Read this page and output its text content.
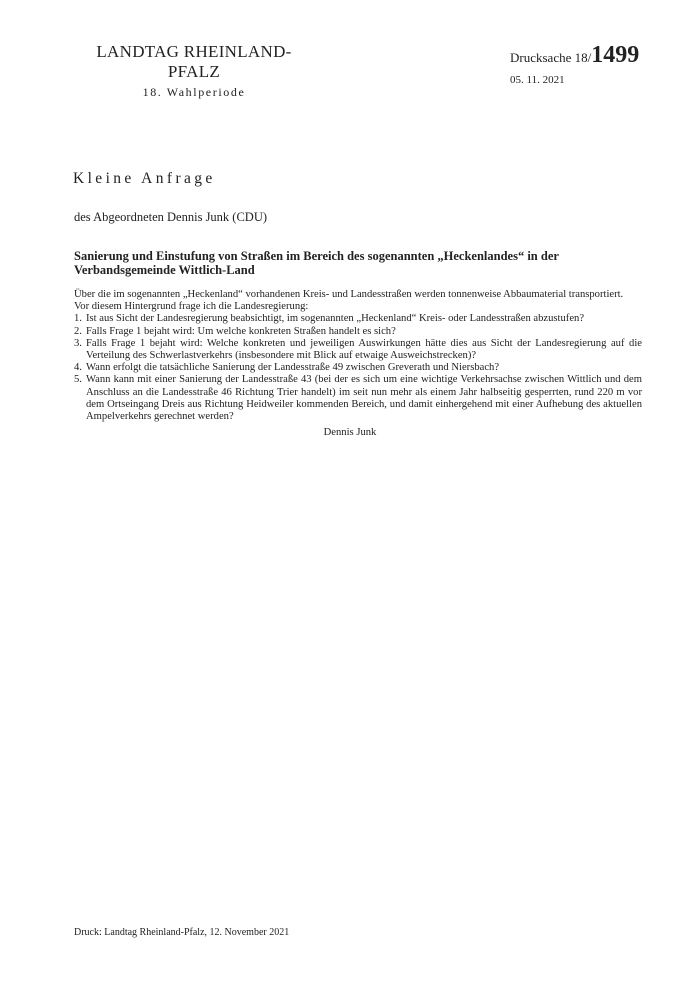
LANDTAG RHEINLAND-PFALZ
18. Wahlperiode
Drucksache 18/1499
05. 11. 2021
Kleine Anfrage
des Abgeordneten Dennis Junk (CDU)
Sanierung und Einstufung von Straßen im Bereich des sogenannten „Heckenlandes“ in der Verbandsgemeinde Wittlich-Land

Über die im sogenannten „Heckenland“ vorhandenen Kreis- und Landesstraßen werden tonnenweise Abbaumaterial transportiert.

Vor diesem Hintergrund frage ich die Landesregierung:

1. Ist aus Sicht der Landesregierung beabsichtigt, im sogenannten „Heckenland“ Kreis- oder Landesstraßen abzustufen?
2. Falls Frage 1 bejaht wird: Um welche konkreten Straßen handelt es sich?
3. Falls Frage 1 bejaht wird: Welche konkreten und jeweiligen Auswirkungen hätte dies aus Sicht der Landesregierung auf die Verteilung des Schwerlastverkehrs (insbesondere mit Blick auf etwaige Ausweichstrecken)?
4. Wann erfolgt die tatsächliche Sanierung der Landesstraße 49 zwischen Greverath und Niersbach?
5. Wann kann mit einer Sanierung der Landesstraße 43 (bei der es sich um eine wichtige Verkehrsachse zwischen Wittlich und dem Anschluss an die Landesstraße 46 Richtung Trier handelt) im seit nun mehr als einem Jahr halbseitig gesperrten, rund 220 m vor dem Ortseingang Dreis aus Richtung Heidweiler kommenden Bereich, und damit einhergehend mit einer Aufhebung des aktuellen Ampelverkehrs gerechnet werden?
Dennis Junk
Druck: Landtag Rheinland-Pfalz, 12. November 2021
